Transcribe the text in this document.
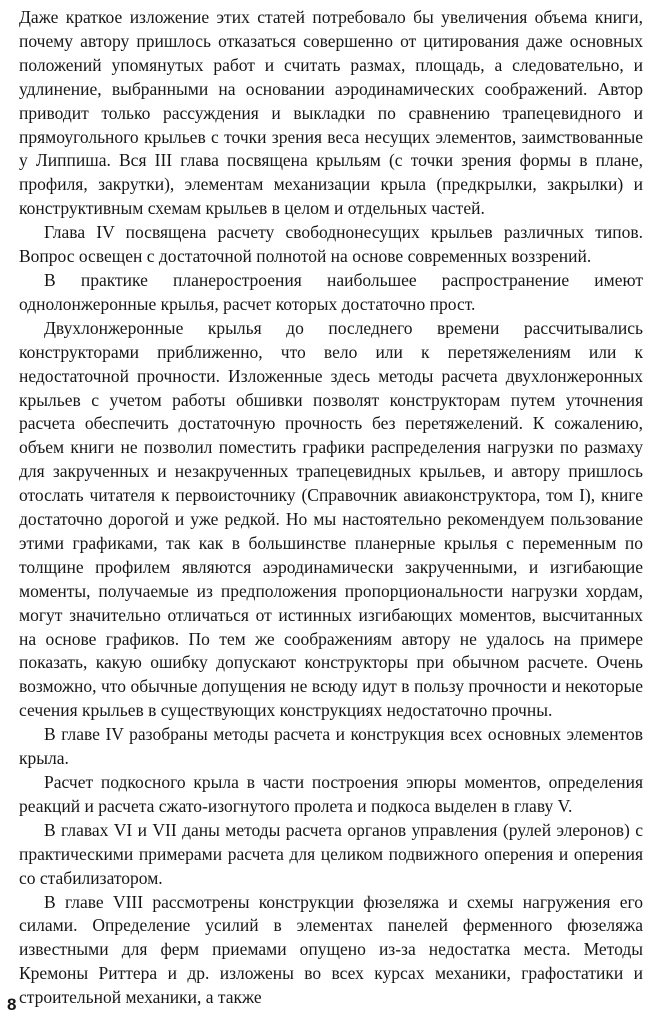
Даже краткое изложение этих статей потребовало бы увеличения объема книги, почему автору пришлось отказаться совершенно от цитирования даже основных положений упомянутых работ и считать размах, площадь, а следовательно, и удлинение, выбранными на основании аэродинамических соображений. Автор приводит только рассуждения и выкладки по сравнению трапецевидного и прямоугольного крыльев с точки зрения веса несущих элементов, заимствованные у Липпиша. Вся III глава посвящена крыльям (с точки зрения формы в плане, профиля, закрутки), элементам механизации крыла (предкрылки, закрылки) и конструктивным схемам крыльев в целом и отдельных частей.

Глава IV посвящена расчету свободнонесущих крыльев различных типов. Вопрос освещен с достаточной полнотой на основе современных воззрений.

В практике планеростроения наибольшее распространение имеют однолонжеронные крылья, расчет которых достаточно прост.

Двухлонжеронные крылья до последнего времени рассчитывались конструкторами приближенно, что вело или к перетяжелениям или к недостаточной прочности. Изложенные здесь методы расчета двухлонжеронных крыльев с учетом работы обшивки позволят конструкторам путем уточнения расчета обеспечить достаточную прочность без перетяжелений. К сожалению, объем книги не позволил поместить графики распределения нагрузки по размаху для закрученных и незакрученных трапецевидных крыльев, и автору пришлось отослать читателя к первоисточнику (Справочник авиаконструктора, том I), книге достаточно дорогой и уже редкой. Но мы настоятельно рекомендуем пользование этими графиками, так как в большинстве планерные крылья с переменным по толщине профилем являются аэродинамически закрученными, и изгибающие моменты, получаемые из предположения пропорциональности нагрузки хордам, могут значительно отличаться от истинных изгибающих моментов, высчитанных на основе графиков. По тем же соображениям автору не удалось на примере показать, какую ошибку допускают конструкторы при обычном расчете. Очень возможно, что обычные допущения не всюду идут в пользу прочности и некоторые сечения крыльев в существующих конструкциях недостаточно прочны.

В главе IV разобраны методы расчета и конструкция всех основных элементов крыла.

Расчет подкосного крыла в части построения эпюры моментов, определения реакций и расчета сжато-изогнутого пролета и подкоса выделен в главу V.

В главах VI и VII даны методы расчета органов управления (рулей элеронов) с практическими примерами расчета для целиком подвижного оперения и оперения со стабилизатором.

В главе VIII рассмотрены конструкции фюзеляжа и схемы нагружения его силами. Определение усилий в элементах панелей ферменного фюзеляжа известными для ферм приемами опущено из-за недостатка места. Методы Кремоны Риттера и др. изложены во всех курсах механики, графостатики и строительной механики, а также

8
